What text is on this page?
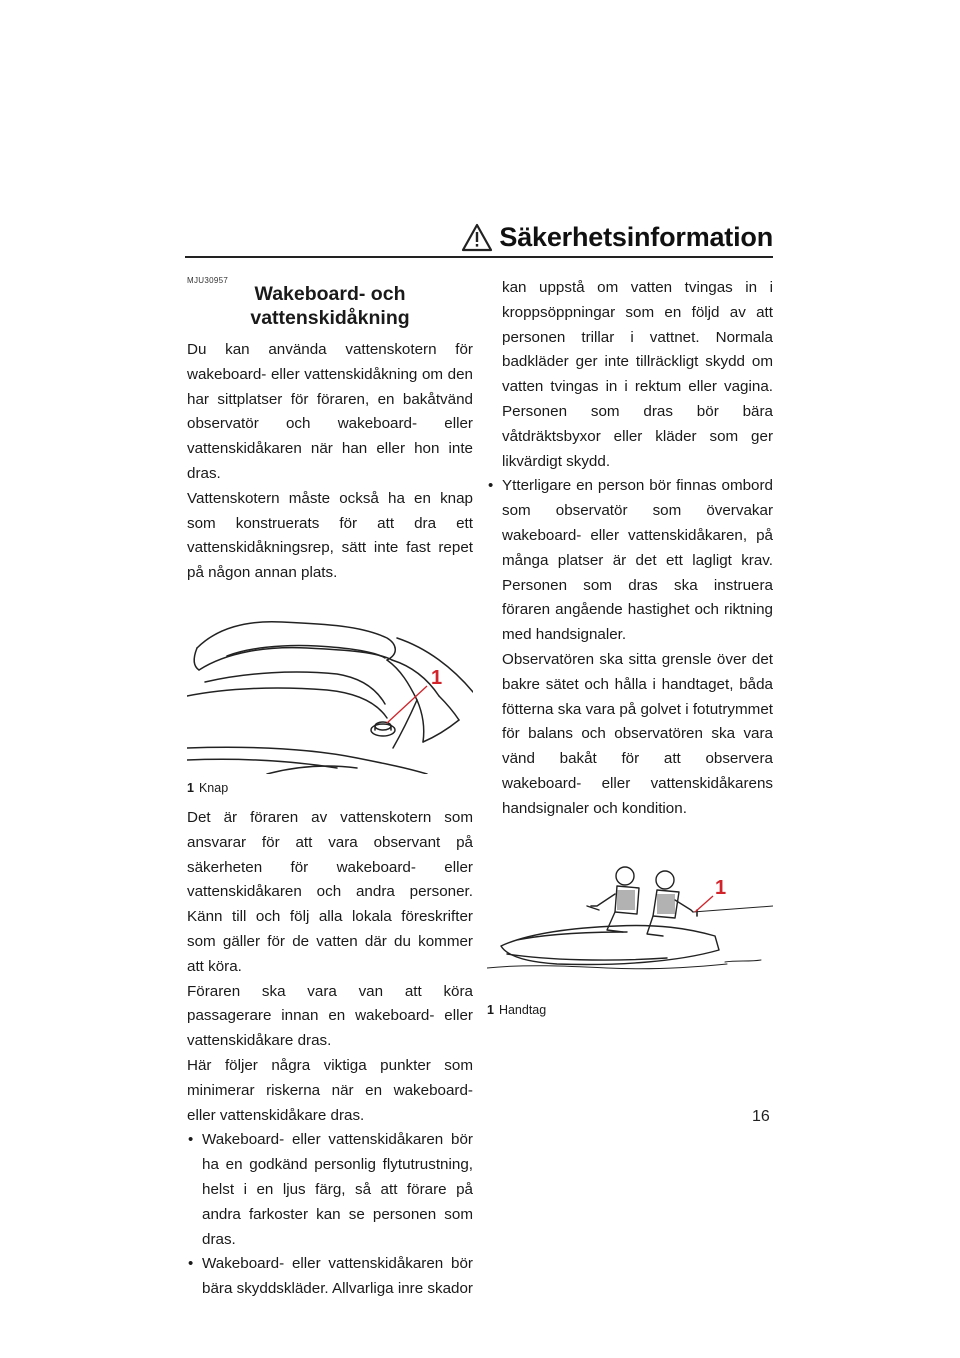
Säkerhetsinformation
MJU30957
Wakeboard- och
vattenskidåkning

Du kan använda vattenskotern för wakeboard- eller vattenskidåkning om den har sittplatser för föraren, en bakåtvänd observatör och wakeboard- eller vattenskidåkaren när han eller hon inte dras.

Vattenskotern måste också ha en knap som konstruerats för att dra ett vattenskidåkningsrep, sätt inte fast repet på någon annan plats.

1
1 Knap

Det är föraren av vattenskotern som ansvarar för att vara observant på säkerheten för wakeboard- eller vattenskidåkaren och andra personer. Känn till och följ alla lokala föreskrifter som gäller för de vatten där du kommer att köra.

Föraren ska vara van att köra passagerare innan en wakeboard- eller vattenskidåkare dras.

Här följer några viktiga punkter som minimerar riskerna när en wakeboard- eller vattenskidåkare dras.

• Wakeboard- eller vattenskidåkaren bör ha en godkänd personlig flytutrustning, helst i en ljus färg, så att förare på andra farkoster kan se personen som dras.
• Wakeboard- eller vattenskidåkaren bör bära skyddskläder. Allvarliga inre skador

kan uppstå om vatten tvingas in i kroppsöppningar som en följd av att personen trillar i vattnet. Normala badkläder ger inte tillräckligt skydd om vatten tvingas in i rektum eller vagina. Personen som dras bör bära våtdräktsbyxor eller kläder som ger likvärdigt skydd.

• Ytterligare en person bör finnas ombord som observatör som övervakar wakeboard- eller vattenskidåkaren, på många platser är det ett lagligt krav. Personen som dras ska instruera föraren angående hastighet och riktning med handsignaler.

Observatören ska sitta grensle över det bakre sätet och hålla i handtaget, båda fötterna ska vara på golvet i fotutrymmet för balans och observatören ska vara vänd bakåt för att observera wakeboard- eller vattenskidåkarens handsignaler och kondition.

1
1 Handtag
16
